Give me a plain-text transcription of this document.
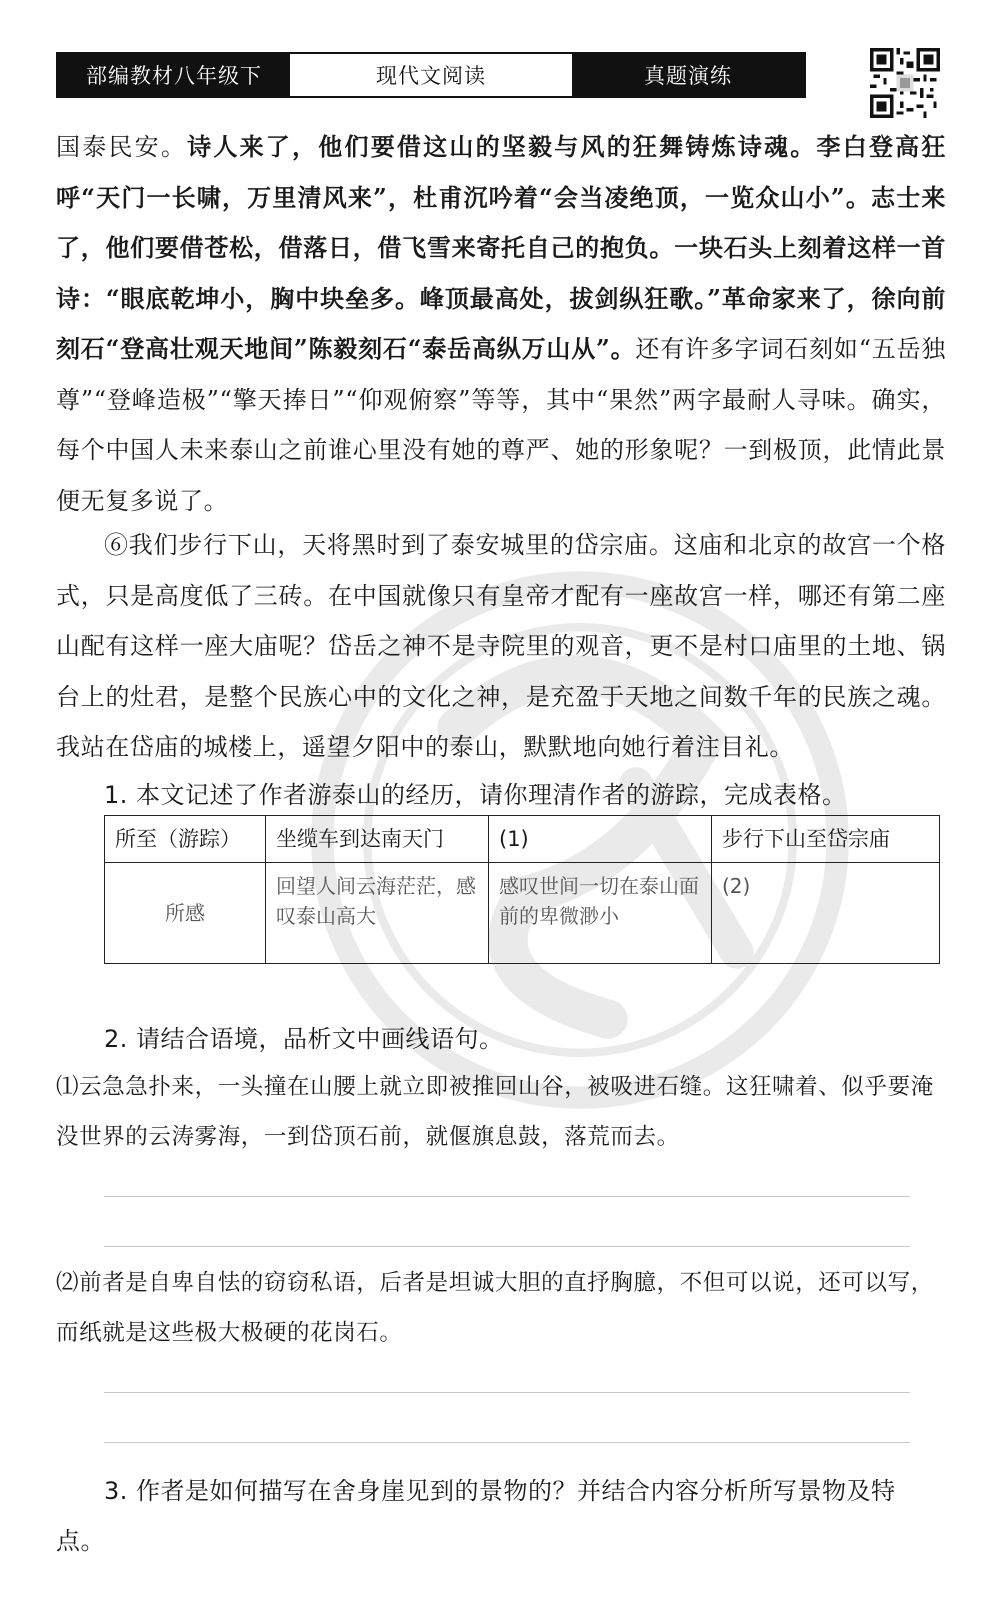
部编教材八年级下	现代文阅读	真题演练

国泰民安。诗人来了，他们要借这山的坚毅与风的狂舞铸炼诗魂。李白登高狂呼“天门一长啸，万里清风来”，杜甫沉吟着“会当凌绝顶，一览众山小”。志士来了，他们要借苍松，借落日，借飞雪来寄托自己的抱负。一块石头上刻着这样一首诗：“眼底乾坤小，胸中块垒多。峰顶最高处，拔剑纵狂歌。”革命家来了，徐向前刻石“登高壮观天地间”陈毅刻石“泰岳高纵万山从”。还有许多字词石刻如“五岳独尊”“登峰造极”“擎天捧日”“仰观俯察”等等，其中“果然”两字最耐人寻味。确实，每个中国人未来泰山之前谁心里没有她的尊严、她的形象呢？一到极顶，此情此景便无复多说了。

⑥我们步行下山，天将黑时到了泰安城里的岱宗庙。这庙和北京的故宫一个格式，只是高度低了三砖。在中国就像只有皇帝才配有一座故宫一样，哪还有第二座山配有这样一座大庙呢？岱岳之神不是寺院里的观音，更不是村口庙里的土地、锅台上的灶君，是整个民族心中的文化之神，是充盈于天地之间数千年的民族之魂。我站在岱庙的城楼上，遥望夕阳中的泰山，默默地向她行着注目礼。

1. 本文记述了作者游泰山的经历，请你理清作者的游踪，完成表格。

所至（游踪）	坐缆车到达南天门	(1)	步行下山至岱宗庙
所感	回望人间云海茫茫，感叹泰山高大	感叹世间一切在泰山面前的卑微渺小	(2)

2. 请结合语境，品析文中画线语句。

⑴云急急扑来，一头撞在山腰上就立即被推回山谷，被吸进石缝。这狂啸着、似乎要淹没世界的云涛雾海，一到岱顶石前，就偃旗息鼓，落荒而去。

⑵前者是自卑自怯的窃窃私语，后者是坦诚大胆的直抒胸臆，不但可以说，还可以写，而纸就是这些极大极硬的花岗石。

3. 作者是如何描写在舍身崖见到的景物的？并结合内容分析所写景物及特点。
